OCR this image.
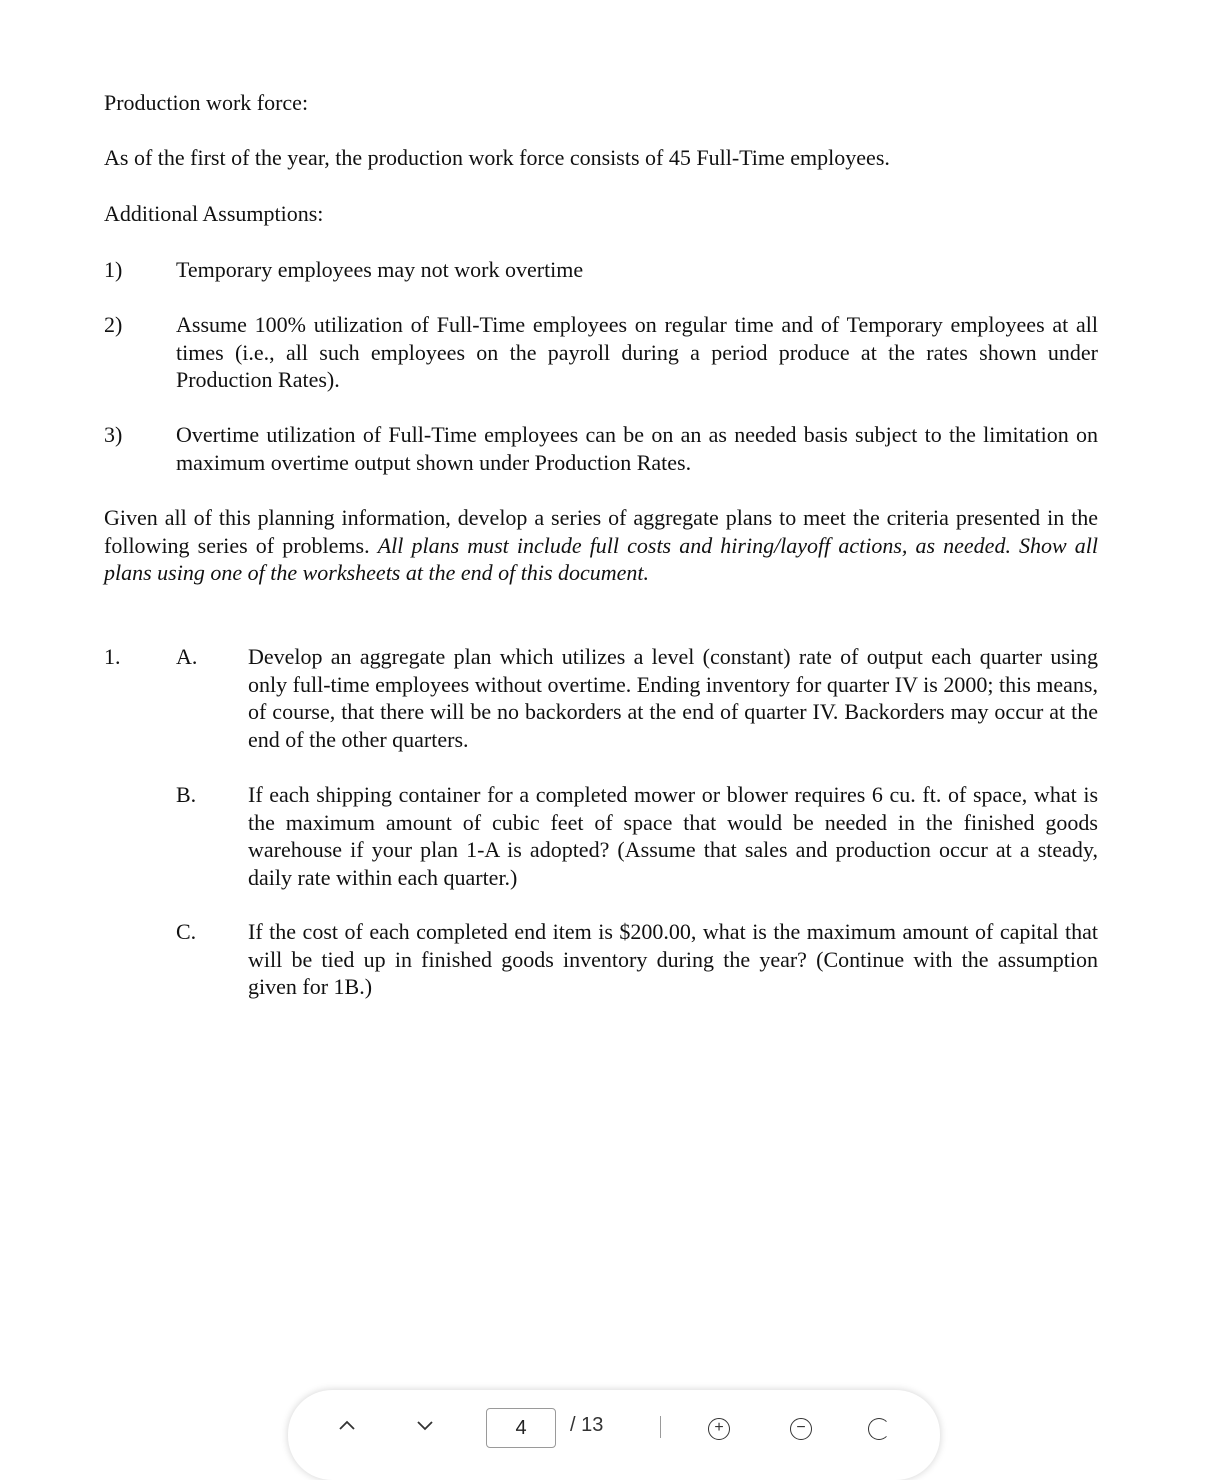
Production work force:
As of the first of the year, the production work force consists of 45 Full-Time employees.
Additional Assumptions:
1) Temporary employees may not work overtime
2) Assume 100% utilization of Full-Time employees on regular time and of Temporary employees at all times (i.e., all such employees on the payroll during a period produce at the rates shown under Production Rates).
3) Overtime utilization of Full-Time employees can be on an as needed basis subject to the limitation on maximum overtime output shown under Production Rates.
Given all of this planning information, develop a series of aggregate plans to meet the criteria presented in the following series of problems. All plans must include full costs and hiring/layoff actions, as needed. Show all plans using one of the worksheets at the end of this document.
1.	A. Develop an aggregate plan which utilizes a level (constant) rate of output each quarter using only full-time employees without overtime. Ending inventory for quarter IV is 2000; this means, of course, that there will be no backorders at the end of quarter IV. Backorders may occur at the end of the other quarters.
B. If each shipping container for a completed mower or blower requires 6 cu. ft. of space, what is the maximum amount of cubic feet of space that would be needed in the finished goods warehouse if your plan 1-A is adopted? (Assume that sales and production occur at a steady, daily rate within each quarter.)
C. If the cost of each completed end item is $200.00, what is the maximum amount of capital that will be tied up in finished goods inventory during the year? (Continue with the assumption given for 1B.)
4	/ 13	+	−
